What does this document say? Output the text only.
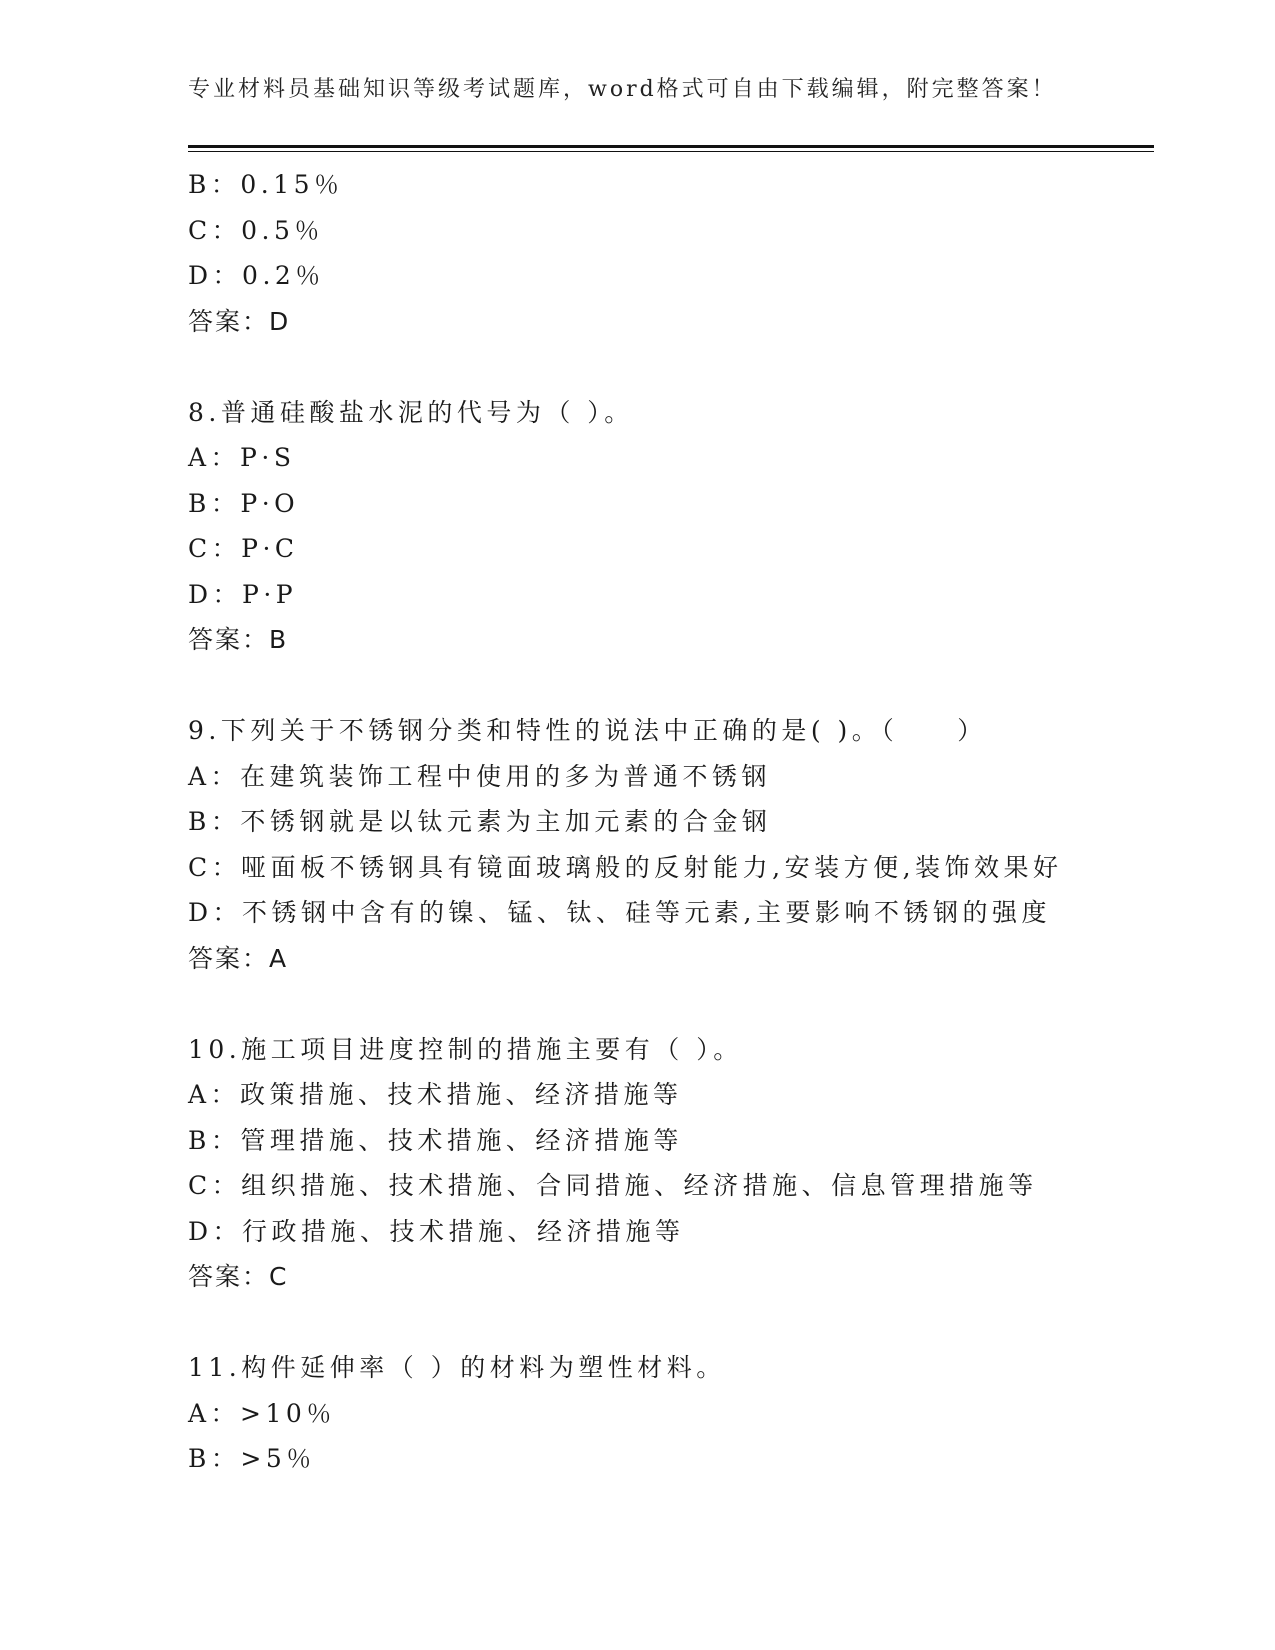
专业材料员基础知识等级考试题库，word格式可自由下载编辑，附完整答案！
B：0.15％
C：0.5％
D：0.2％
答案：D
8.普通硅酸盐水泥的代号为（ ）。
A：P·S
B：P·O
C：P·C
D：P·P
答案：B
9.下列关于不锈钢分类和特性的说法中正确的是( )。（　　）
A：在建筑装饰工程中使用的多为普通不锈钢
B：不锈钢就是以钛元素为主加元素的合金钢
C：哑面板不锈钢具有镜面玻璃般的反射能力,安装方便,装饰效果好
D：不锈钢中含有的镍、锰、钛、硅等元素,主要影响不锈钢的强度
答案：A
10.施工项目进度控制的措施主要有（ ）。
A：政策措施、技术措施、经济措施等
B：管理措施、技术措施、经济措施等
C：组织措施、技术措施、合同措施、经济措施、信息管理措施等
D：行政措施、技术措施、经济措施等
答案：C
11.构件延伸率（ ）的材料为塑性材料。
A：>10％
B：>5％
